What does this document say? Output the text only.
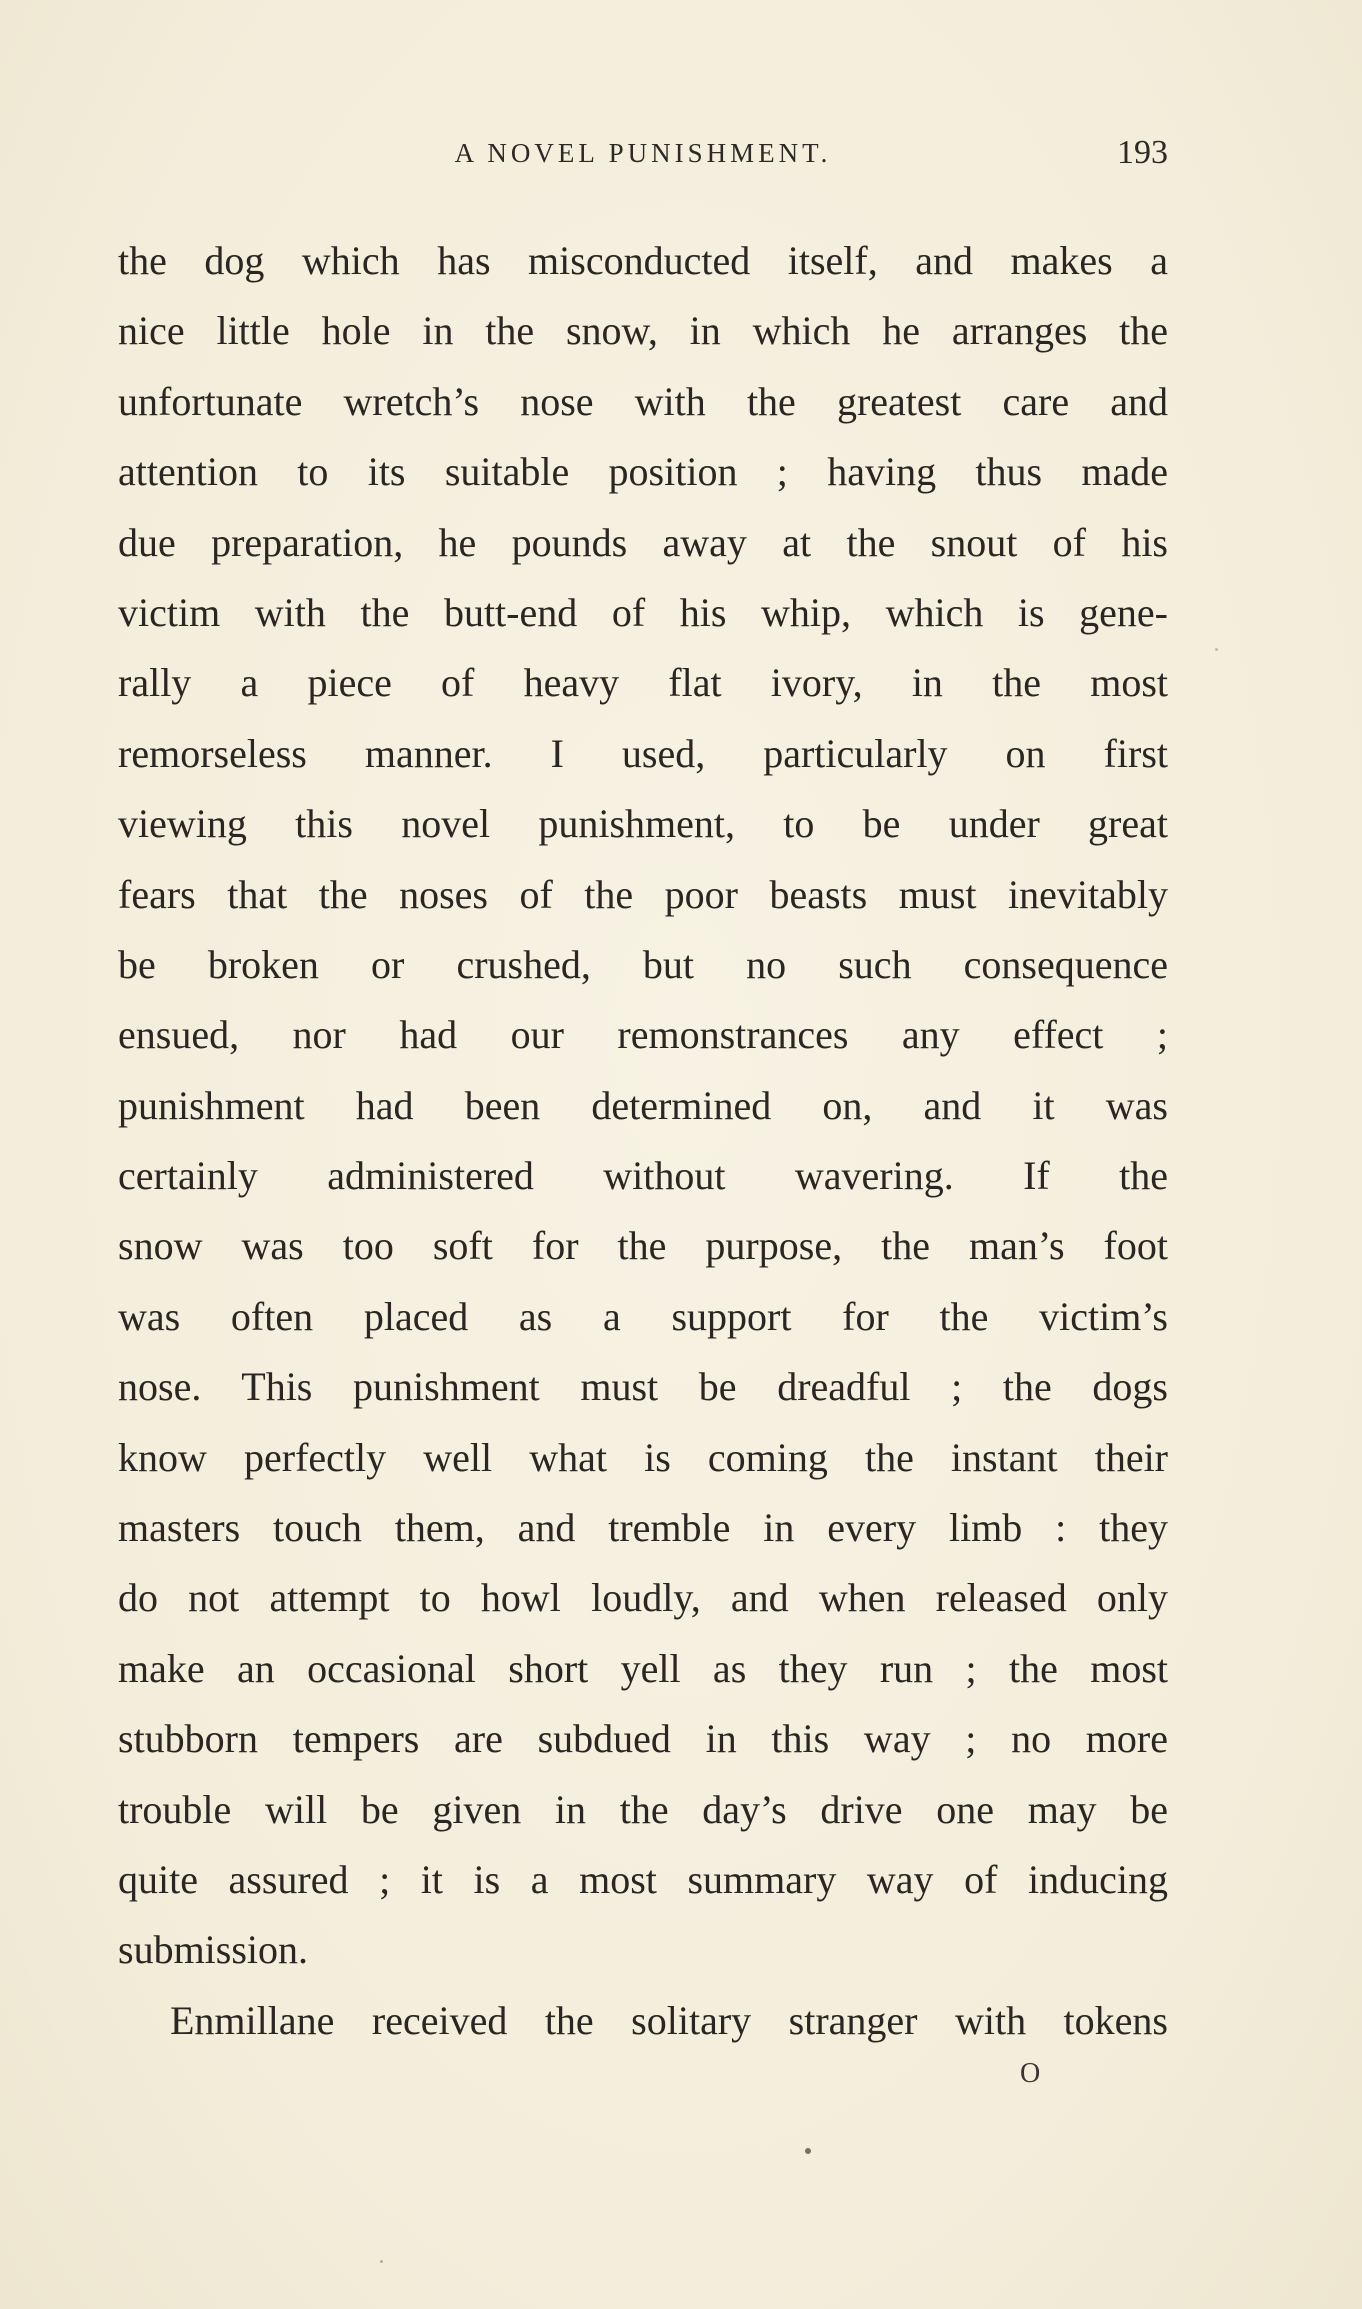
A NOVEL PUNISHMENT.	193
the dog which has misconducted itself, and makes a
nice little hole in the snow, in which he arranges the
unfortunate wretch’s nose with the greatest care and
attention to its suitable position ; having thus made
due preparation, he pounds away at the snout of his
victim with the butt-end of his whip, which is gene-
rally a piece of heavy flat ivory, in the most
remorseless manner. I used, particularly on first
viewing this novel punishment, to be under great
fears that the noses of the poor beasts must inevitably
be broken or crushed, but no such consequence
ensued, nor had our remonstrances any effect ;
punishment had been determined on, and it was
certainly administered without wavering. If the
snow was too soft for the purpose, the man’s foot
was often placed as a support for the victim’s
nose. This punishment must be dreadful ; the dogs
know perfectly well what is coming the instant their
masters touch them, and tremble in every limb : they
do not attempt to howl loudly, and when released only
make an occasional short yell as they run ; the most
stubborn tempers are subdued in this way ; no more
trouble will be given in the day’s drive one may be
quite assured ; it is a most summary way of inducing
submission.
Enmillane received the solitary stranger with tokens
O
